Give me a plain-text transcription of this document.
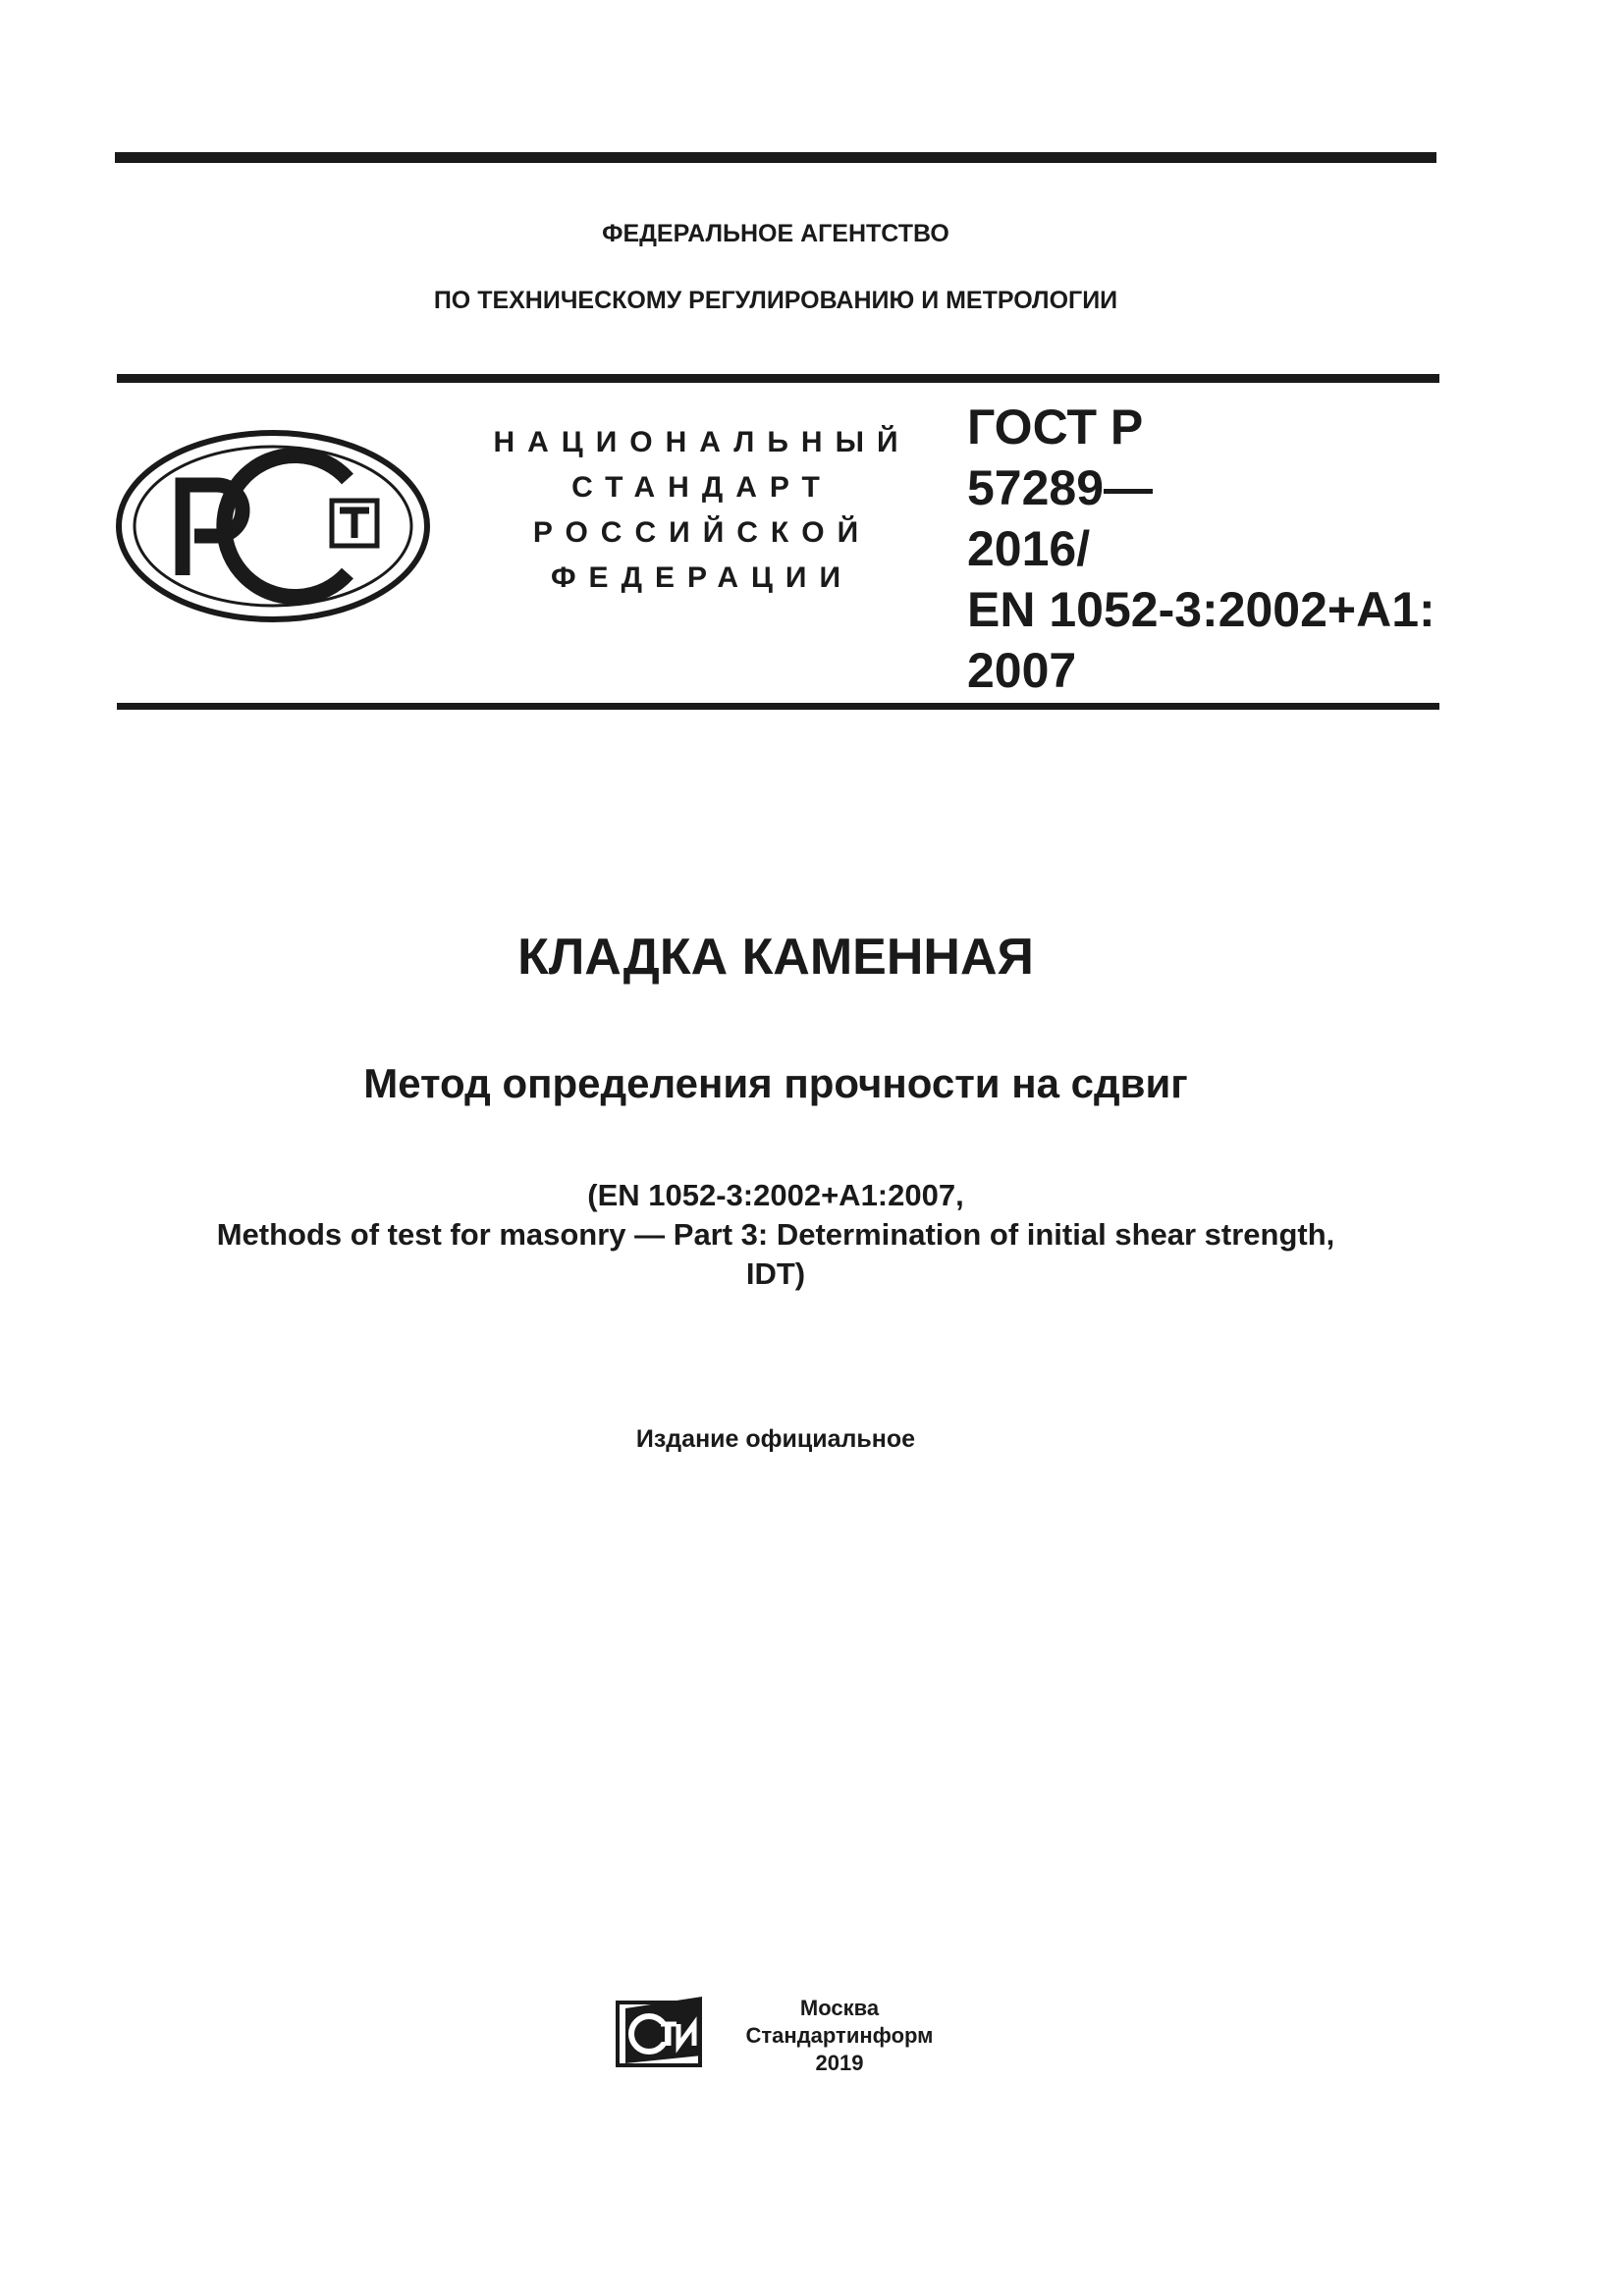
ФЕДЕРАЛЬНОЕ АГЕНТСТВО
ПО ТЕХНИЧЕСКОМУ РЕГУЛИРОВАНИЮ И МЕТРОЛОГИИ
НАЦИОНАЛЬНЫЙ
СТАНДАРТ
РОССИЙСКОЙ
ФЕДЕРАЦИИ
ГОСТ Р
57289—
2016/
EN 1052-3:2002+A1:
2007
КЛАДКА КАМЕННАЯ
Метод определения прочности на сдвиг
(EN 1052-3:2002+A1:2007,
Methods of test for masonry — Part 3: Determination of initial shear strength,
IDT)
Издание официальное
Москва
Стандартинформ
2019
